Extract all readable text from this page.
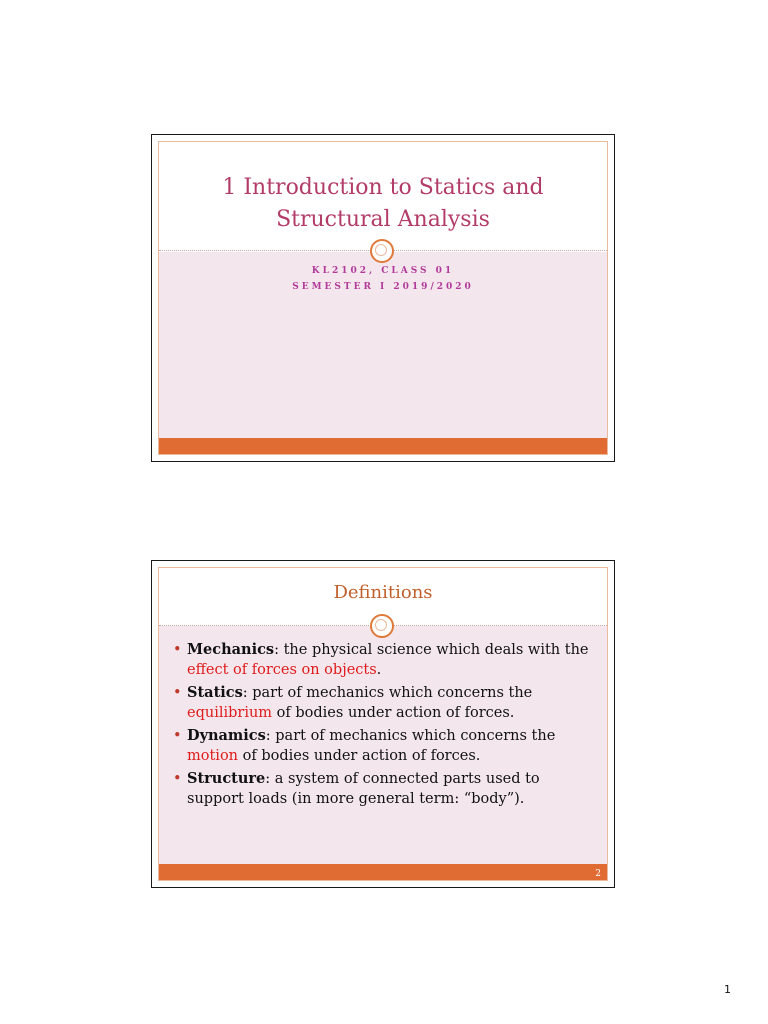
1 Introduction to Statics and
Structural Analysis
KL2102, CLASS 01
SEMESTER I 2019/2020
Definitions
• Mechanics: the physical science which deals with the effect of forces on objects.
• Statics: part of mechanics which concerns the equilibrium of bodies under action of forces.
• Dynamics: part of mechanics which concerns the motion of bodies under action of forces.
• Structure: a system of connected parts used to support loads (in more general term: “body”).
2
1
